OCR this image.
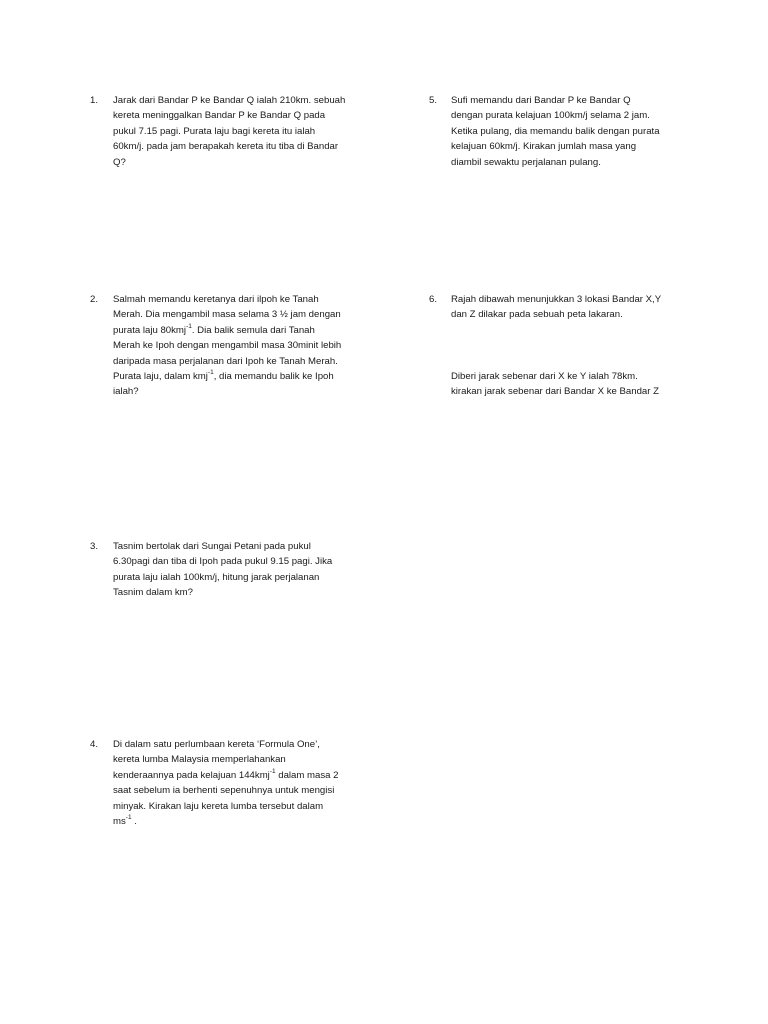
1. Jarak dari Bandar P ke Bandar Q ialah 210km. sebuah
kereta meninggalkan Bandar P ke Bandar Q pada
pukul 7.15 pagi. Purata laju bagi kereta itu ialah
60km/j. pada jam berapakah kereta itu tiba di Bandar
Q?
2. Salmah memandu keretanya dari ilpoh ke Tanah
Merah. Dia mengambil masa selama 3 ½ jam dengan
purata laju 80kmj$^{-1}$. Dia balik semula dari Tanah
Merah ke Ipoh dengan mengambil masa 30minit lebih
daripada masa perjalanan dari Ipoh ke Tanah Merah.
Purata laju, dalam kmj$^{-1}$, dia memandu balik ke Ipoh
ialah?
3. Tasnim bertolak dari Sungai Petani pada pukul
6.30pagi dan tiba di Ipoh pada pukul 9.15 pagi. Jika
purata laju ialah 100km/j, hitung jarak perjalanan
Tasnim dalam km?
4. Di dalam satu perlumbaan kereta ‘Formula One’,
kereta lumba Malaysia memperlahankan
kenderaannya pada kelajuan 144kmj$^{-1}$ dalam masa 2
saat sebelum ia berhenti sepenuhnya untuk mengisi
minyak. Kirakan laju kereta lumba tersebut dalam
$ms^{-1}$ .
5. Sufi memandu dari Bandar P ke Bandar Q
dengan purata kelajuan 100km/j selama 2 jam.
Ketika pulang, dia memandu balik dengan purata
kelajuan 60km/j. Kirakan jumlah masa yang
diambil sewaktu perjalanan pulang.
6. Rajah dibawah menunjukkan 3 lokasi Bandar X,Y
dan Z dilakar pada sebuah peta lakaran.
Diberi jarak sebenar dari X ke Y ialah 78km.
kirakan jarak sebenar dari Bandar X ke Bandar Z
